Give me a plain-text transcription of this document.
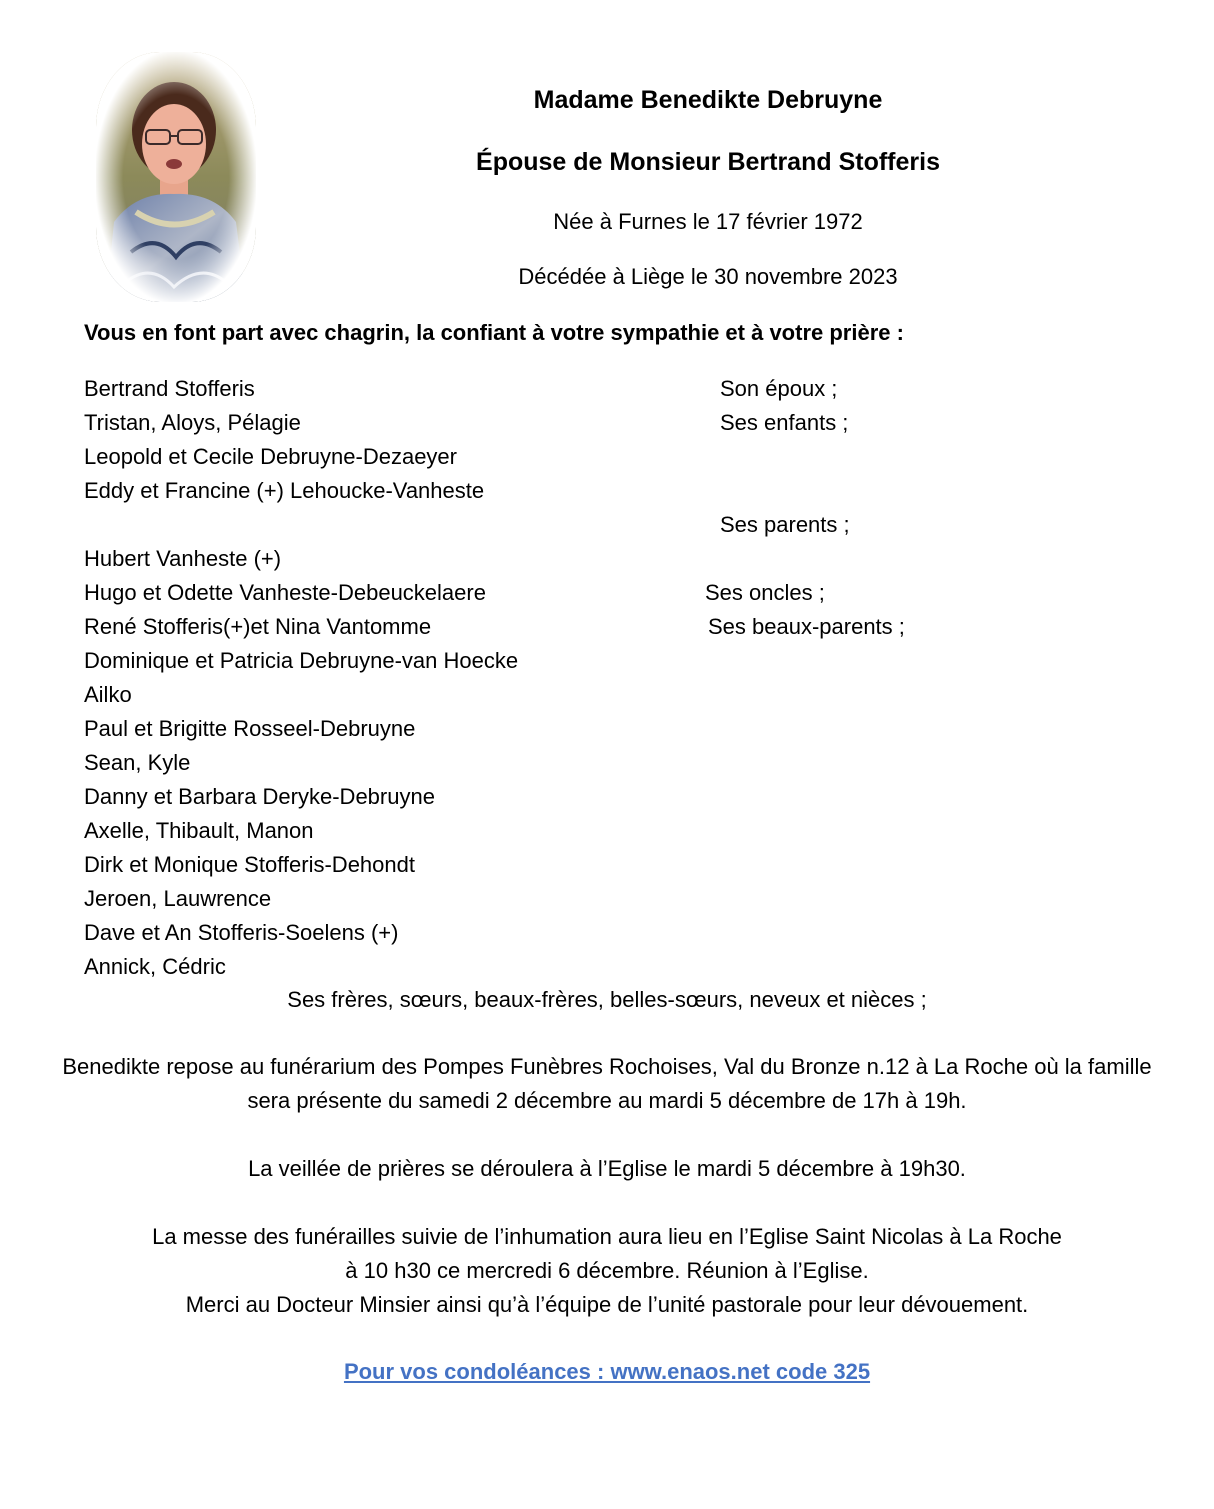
Madame Benedikte Debruyne
Épouse de Monsieur Bertrand Stofferis
Née à Furnes le 17 février 1972
Décédée à Liège le 30 novembre 2023
Vous en font part avec chagrin, la confiant à votre sympathie et à votre prière :
Bertrand Stofferis
Tristan, Aloys, Pélagie
Leopold et Cecile Debruyne-Dezaeyer
Eddy et Francine (+) Lehoucke-Vanheste
Hubert Vanheste (+)
Hugo et Odette Vanheste-Debeuckelaere
René Stofferis(+)et Nina Vantomme
Dominique et Patricia Debruyne-van Hoecke
Ailko
Paul et Brigitte Rosseel-Debruyne
Sean, Kyle
Danny et Barbara Deryke-Debruyne
Axelle, Thibault, Manon
Dirk et Monique Stofferis-Dehondt
Jeroen, Lauwrence
Dave et An Stofferis-Soelens (+)
Annick, Cédric
Son époux ;
Ses enfants ;
Ses parents ;
Ses oncles ;
Ses beaux-parents ;
Ses frères, sœurs, beaux-frères, belles-sœurs, neveux et nièces ;
Benedikte repose au funérarium des Pompes Funèbres Rochoises, Val du Bronze n.12 à La Roche où la famille sera présente du samedi 2 décembre au mardi 5 décembre de 17h à 19h.
La veillée de prières se déroulera à l’Eglise le mardi 5 décembre à 19h30.
La messe des funérailles suivie de l’inhumation aura lieu en l’Eglise Saint Nicolas à La Roche
à 10 h30 ce mercredi 6 décembre. Réunion à l’Eglise.
Merci au Docteur Minsier ainsi qu’à l’équipe de l’unité pastorale pour leur dévouement.
Pour vos condoléances : www.enaos.net code 325
